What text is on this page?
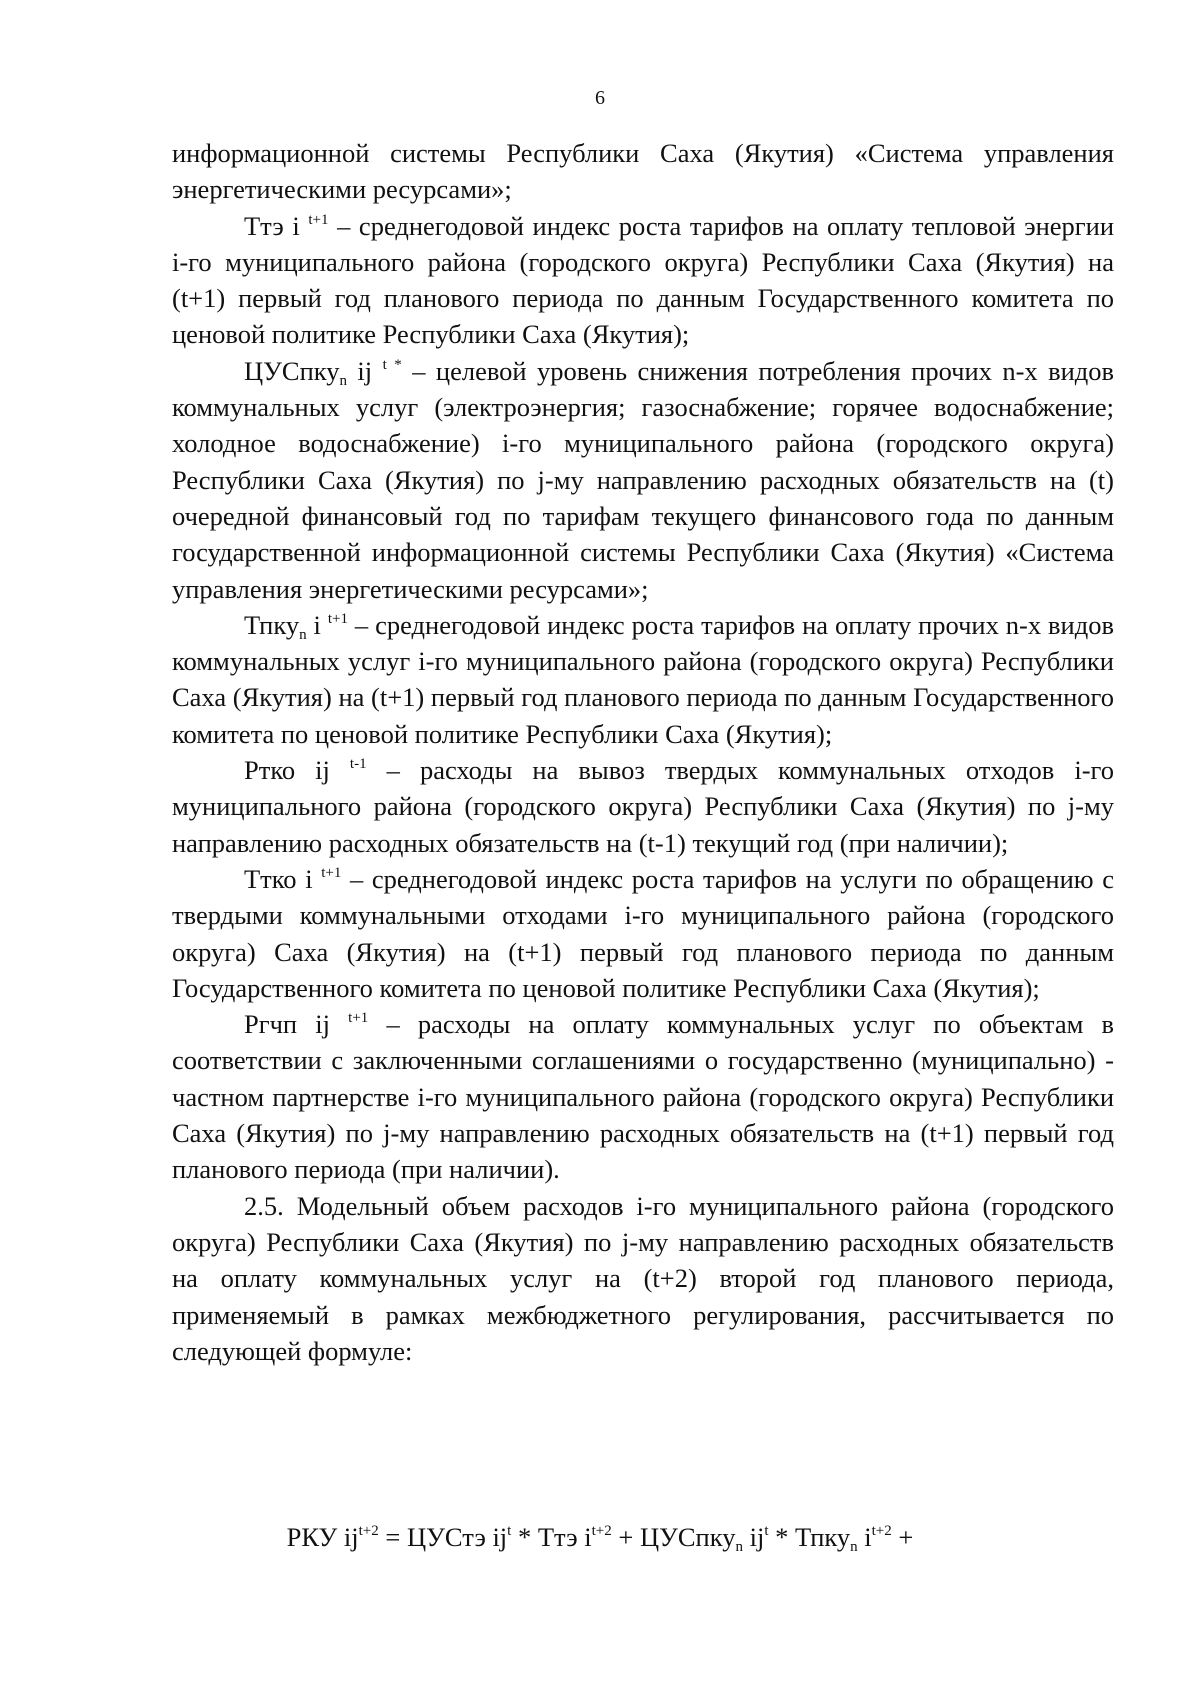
6

информационной системы Республики Саха (Якутия) «Система управления энергетическими ресурсами»;

Ттэ i $^{t+1}$ – среднегодовой индекс роста тарифов на оплату тепловой энергии i-го муниципального района (городского округа) Республики Саха (Якутия) на (t+1) первый год планового периода по данным Государственного комитета по ценовой политике Республики Саха (Якутия);

ЦУСпку$_n$ ij $^{t *}$ – целевой уровень снижения потребления прочих n-х видов коммунальных услуг (электроэнергия; газоснабжение; горячее водоснабжение; холодное водоснабжение) i-го муниципального района (городского округа) Республики Саха (Якутия) по j-му направлению расходных обязательств на (t) очередной финансовый год по тарифам текущего финансового года по данным государственной информационной системы Республики Саха (Якутия) «Система управления энергетическими ресурсами»;

Тпку$_n$ i $^{t+1}$ – среднегодовой индекс роста тарифов на оплату прочих n-х видов коммунальных услуг i-го муниципального района (городского округа) Республики Саха (Якутия) на (t+1) первый год планового периода по данным Государственного комитета по ценовой политике Республики Саха (Якутия);

Ртко ij $^{t-1}$ – расходы на вывоз твердых коммунальных отходов i-го муниципального района (городского округа) Республики Саха (Якутия) по j-му направлению расходных обязательств на (t-1) текущий год (при наличии);

Ттко i $^{t+1}$ – среднегодовой индекс роста тарифов на услуги по обращению с твердыми коммунальными отходами i-го муниципального района (городского округа) Саха (Якутия) на (t+1) первый год планового периода по данным Государственного комитета по ценовой политике Республики Саха (Якутия);

Ргчп ij $^{t+1}$ – расходы на оплату коммунальных услуг по объектам в соответствии с заключенными соглашениями о государственно (муниципально) - частном партнерстве i-го муниципального района (городского округа) Республики Саха (Якутия) по j-му направлению расходных обязательств на (t+1) первый год планового периода (при наличии).

2.5. Модельный объем расходов i-го муниципального района (городского округа) Республики Саха (Якутия) по j-му направлению расходных обязательств на оплату коммунальных услуг на (t+2) второй год планового периода, применяемый в рамках межбюджетного регулирования, рассчитывается по следующей формуле:

РКУ $ij^{t+2}$ = ЦУСтэ $ij^t$ * Ттэ $i^{t+2}$ + ЦУСпку$_n$ $ij^t$ * Тпку$_n$ $i^{t+2}$ +
